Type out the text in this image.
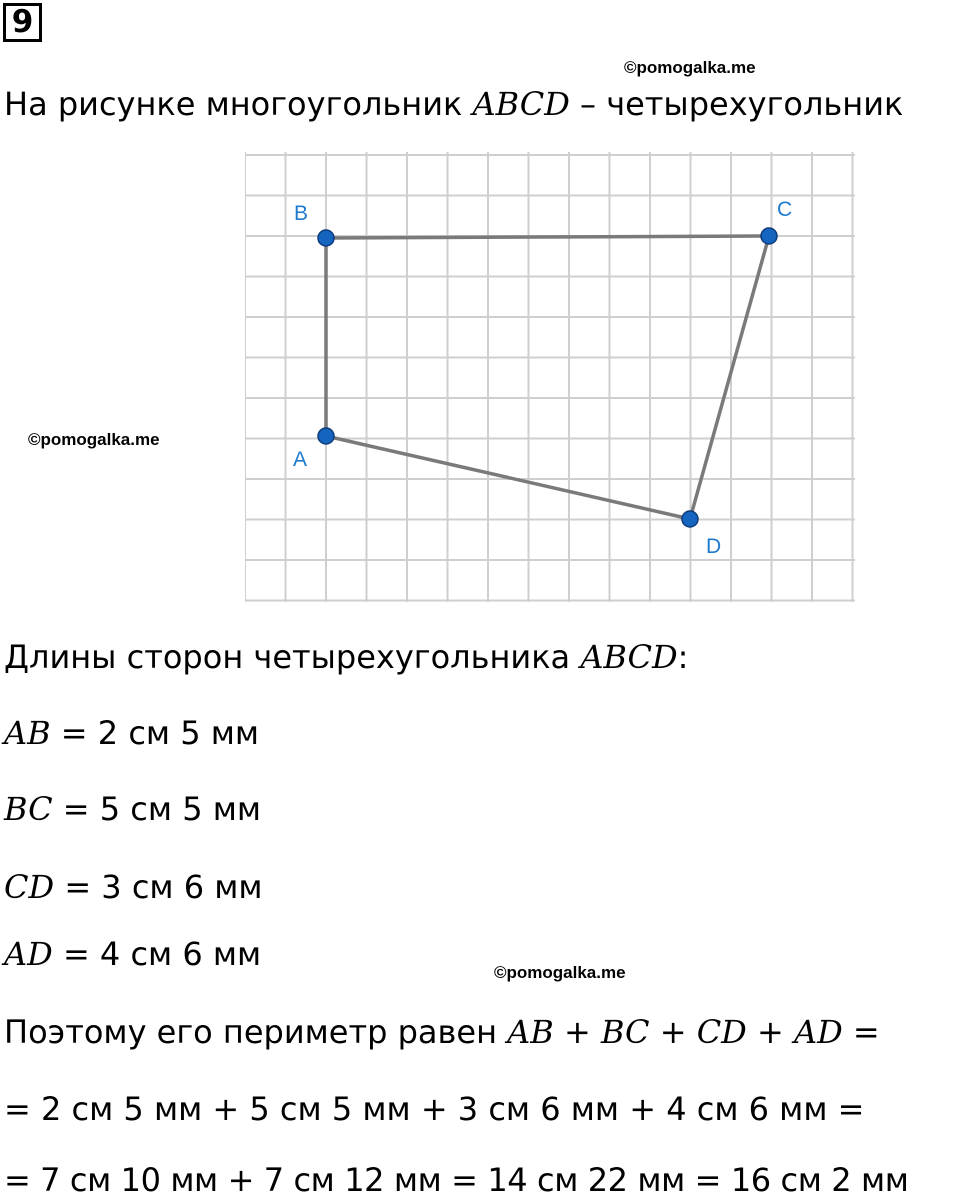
9
©pomogalka.me
На рисунке многоугольник ABCD – четырехугольник
B	C
A
D
©pomogalka.me
Длины сторон четырехугольника ABCD:
AB = 2 см 5 мм
BC = 5 см 5 мм
CD = 3 см 6 мм
AD = 4 см 6 мм	©pomogalka.me
Поэтому его периметр равен AB + BC + CD + AD =
= 2 см 5 мм + 5 см 5 мм + 3 см 6 мм + 4 см 6 мм =
= 7 см 10 мм + 7 см 12 мм = 14 см 22 мм = 16 см 2 мм
